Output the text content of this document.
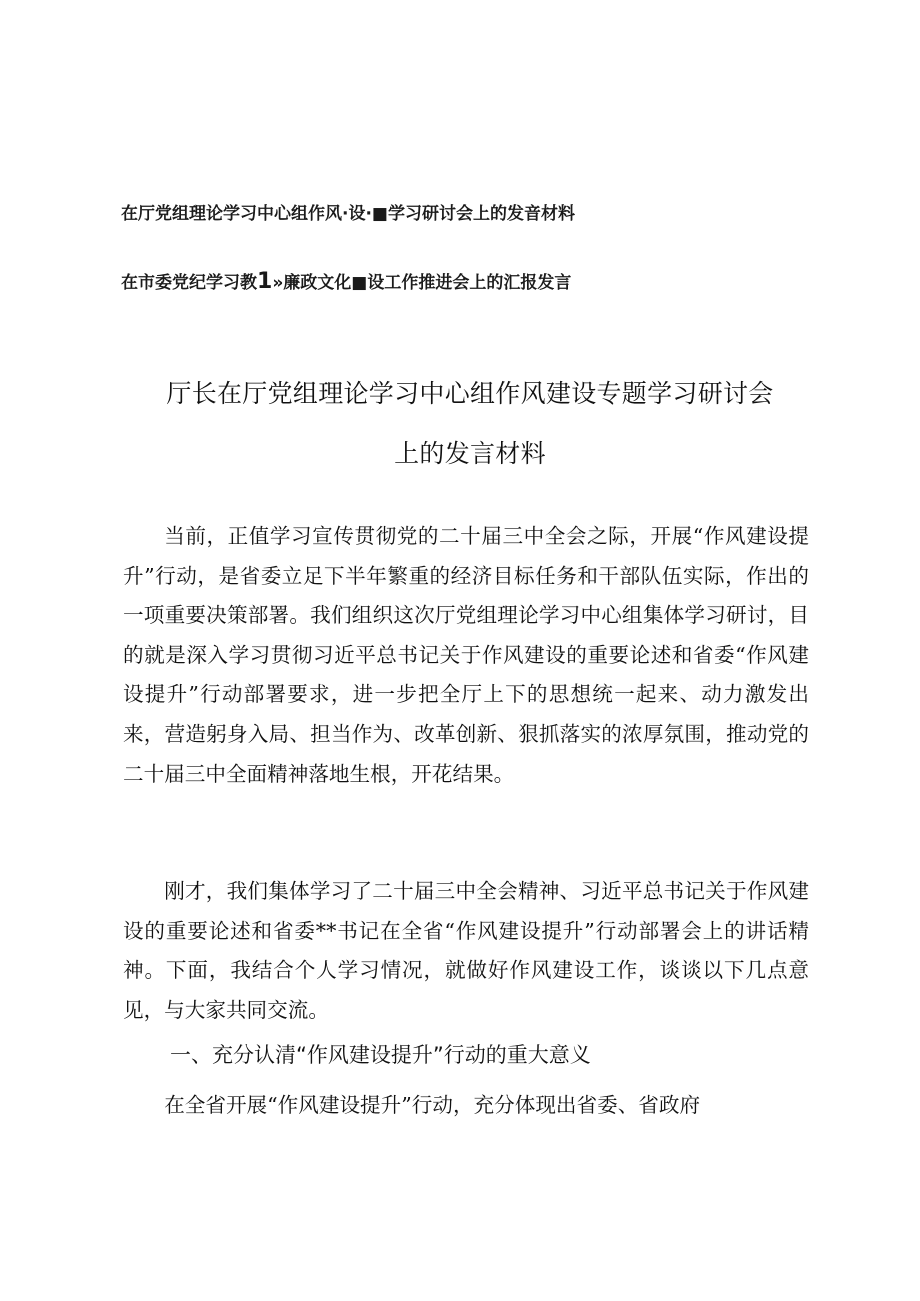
在厅党组理论学习中心组作风·设·■学习研讨会上的发音材料
在市委党纪学习教1»廉政文化■设工作推进会上的汇报发言
厅长在厅党组理论学习中心组作风建设专题学习研讨会
上的发言材料

当前，正值学习宣传贯彻党的二十届三中全会之际，开展“作风建设提升”行动，是省委立足下半年繁重的经济目标任务和干部队伍实际，作出的一项重要决策部署。我们组织这次厅党组理论学习中心组集体学习研讨，目的就是深入学习贯彻习近平总书记关于作风建设的重要论述和省委“作风建设提升”行动部署要求，进一步把全厅上下的思想统一起来、动力激发出来，营造躬身入局、担当作为、改革创新、狠抓落实的浓厚氛围，推动党的二十届三中全面精神落地生根，开花结果。

刚才，我们集体学习了二十届三中全会精神、习近平总书记关于作风建设的重要论述和省委**书记在全省“作风建设提升”行动部署会上的讲话精神。下面，我结合个人学习情况，就做好作风建设工作，谈谈以下几点意见，与大家共同交流。

一、充分认清“作风建设提升”行动的重大意义

在全省开展“作风建设提升”行动，充分体现出省委、省政府
